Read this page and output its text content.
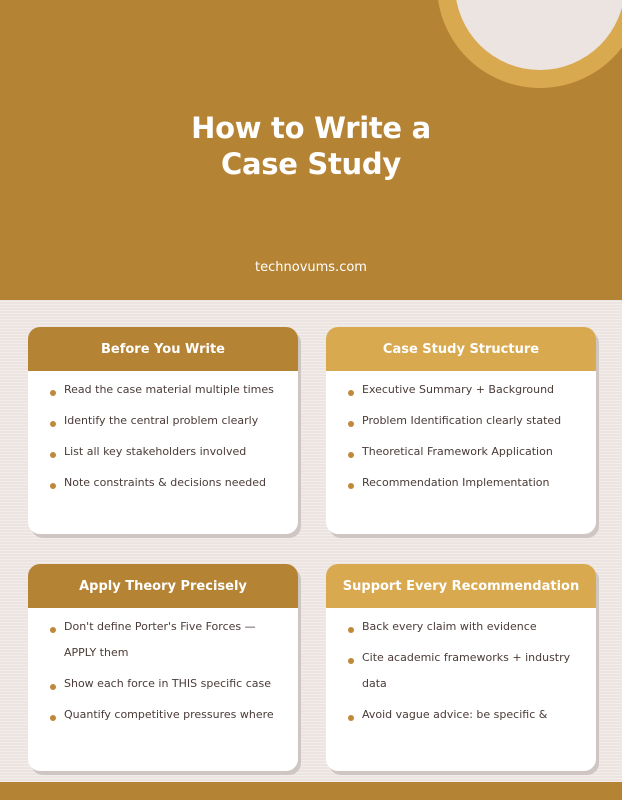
How to Write a
Case Study
technovums.com
Before You Write
Read the case material multiple times
Identify the central problem clearly
List all key stakeholders involved
Note constraints & decisions needed
Case Study Structure
Executive Summary + Background
Problem Identification clearly stated
Theoretical Framework Application
Recommendation Implementation
Apply Theory Precisely
Don't define Porter's Five Forces — APPLY them
Show each force in THIS specific case
Quantify competitive pressures where
Support Every Recommendation
Back every claim with evidence
Cite academic frameworks + industry data
Avoid vague advice: be specific &
